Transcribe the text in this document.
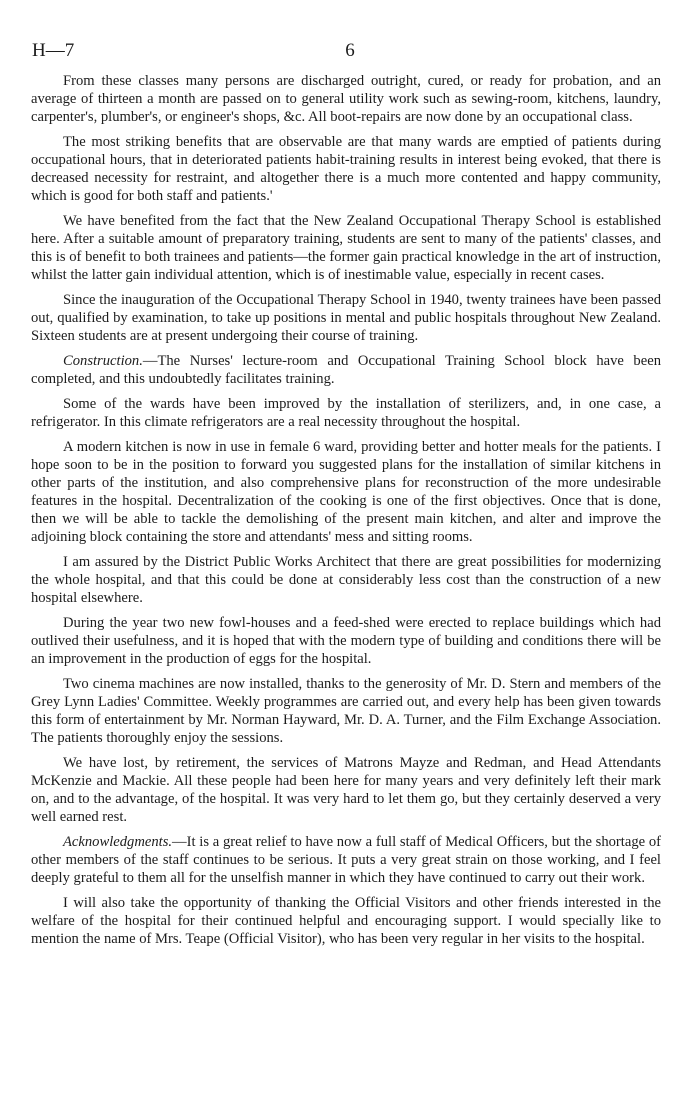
H—7	6

From these classes many persons are discharged outright, cured, or ready for probation, and an average of thirteen a month are passed on to general utility work such as sewing-room, kitchens, laundry, carpenter's, plumber's, or engineer's shops, &c. All boot-repairs are now done by an occupational class.

The most striking benefits that are observable are that many wards are emptied of patients during occupational hours, that in deteriorated patients habit-training results in interest being evoked, that there is decreased necessity for restraint, and altogether there is a much more contented and happy community, which is good for both staff and patients.'

We have benefited from the fact that the New Zealand Occupational Therapy School is established here. After a suitable amount of preparatory training, students are sent to many of the patients' classes, and this is of benefit to both trainees and patients—the former gain practical knowledge in the art of instruction, whilst the latter gain individual attention, which is of inestimable value, especially in recent cases.

Since the inauguration of the Occupational Therapy School in 1940, twenty trainees have been passed out, qualified by examination, to take up positions in mental and public hospitals throughout New Zealand. Sixteen students are at present undergoing their course of training.

Construction.—The Nurses' lecture-room and Occupational Training School block have been completed, and this undoubtedly facilitates training.

Some of the wards have been improved by the installation of sterilizers, and, in one case, a refrigerator. In this climate refrigerators are a real necessity throughout the hospital.

A modern kitchen is now in use in female 6 ward, providing better and hotter meals for the patients. I hope soon to be in the position to forward you suggested plans for the installation of similar kitchens in other parts of the institution, and also comprehensive plans for reconstruction of the more undesirable features in the hospital. Decentralization of the cooking is one of the first objectives. Once that is done, then we will be able to tackle the demolishing of the present main kitchen, and alter and improve the adjoining block containing the store and attendants' mess and sitting rooms.

I am assured by the District Public Works Architect that there are great possibilities for modernizing the whole hospital, and that this could be done at considerably less cost than the construction of a new hospital elsewhere.

During the year two new fowl-houses and a feed-shed were erected to replace buildings which had outlived their usefulness, and it is hoped that with the modern type of building and conditions there will be an improvement in the production of eggs for the hospital.

Two cinema machines are now installed, thanks to the generosity of Mr. D. Stern and members of the Grey Lynn Ladies' Committee. Weekly programmes are carried out, and every help has been given towards this form of entertainment by Mr. Norman Hayward, Mr. D. A. Turner, and the Film Exchange Association. The patients thoroughly enjoy the sessions.

We have lost, by retirement, the services of Matrons Mayze and Redman, and Head Attendants McKenzie and Mackie. All these people had been here for many years and very definitely left their mark on, and to the advantage, of the hospital. It was very hard to let them go, but they certainly deserved a very well earned rest.

Acknowledgments.—It is a great relief to have now a full staff of Medical Officers, but the shortage of other members of the staff continues to be serious. It puts a very great strain on those working, and I feel deeply grateful to them all for the unselfish manner in which they have continued to carry out their work.

I will also take the opportunity of thanking the Official Visitors and other friends interested in the welfare of the hospital for their continued helpful and encouraging support. I would specially like to mention the name of Mrs. Teape (Official Visitor), who has been very regular in her visits to the hospital.
